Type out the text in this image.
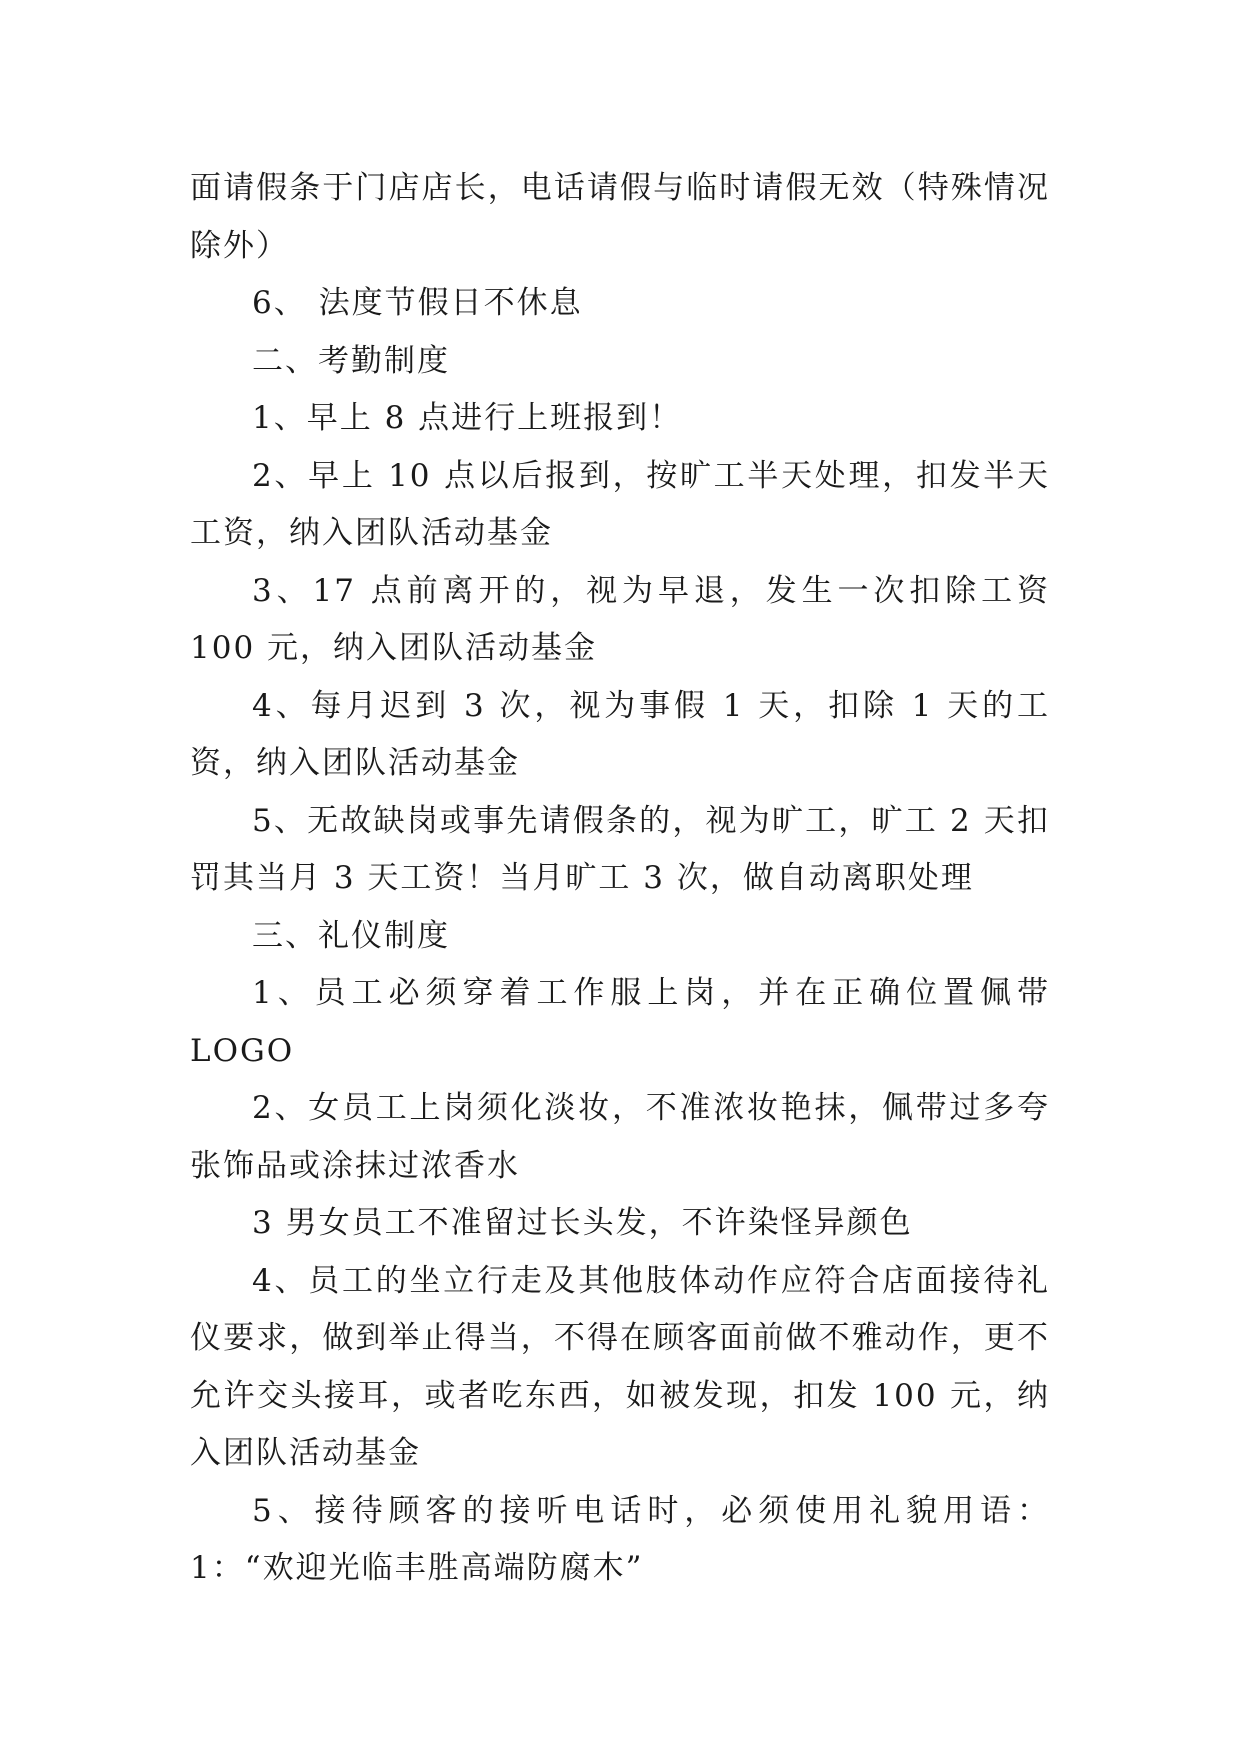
面请假条于门店店长，电话请假与临时请假无效（特殊情况除外）

6、 法度节假日不休息

二、考勤制度

1、早上 8 点进行上班报到！

2、早上 10 点以后报到，按旷工半天处理，扣发半天工资，纳入团队活动基金

3、17 点前离开的，视为早退，发生一次扣除工资 100 元，纳入团队活动基金

4、每月迟到 3 次，视为事假 1 天，扣除 1 天的工资，纳入团队活动基金

5、无故缺岗或事先请假条的，视为旷工，旷工 2 天扣罚其当月 3 天工资！当月旷工 3 次，做自动离职处理

三、礼仪制度

1、员工必须穿着工作服上岗，并在正确位置佩带 LOGO

2、女员工上岗须化淡妆，不准浓妆艳抹，佩带过多夸张饰品或涂抹过浓香水

3 男女员工不准留过长头发，不许染怪异颜色

4、员工的坐立行走及其他肢体动作应符合店面接待礼仪要求，做到举止得当，不得在顾客面前做不雅动作，更不允许交头接耳，或者吃东西，如被发现，扣发 100 元，纳入团队活动基金

5、接待顾客的接听电话时，必须使用礼貌用语： 1：“欢迎光临丰胜高端防腐木”
